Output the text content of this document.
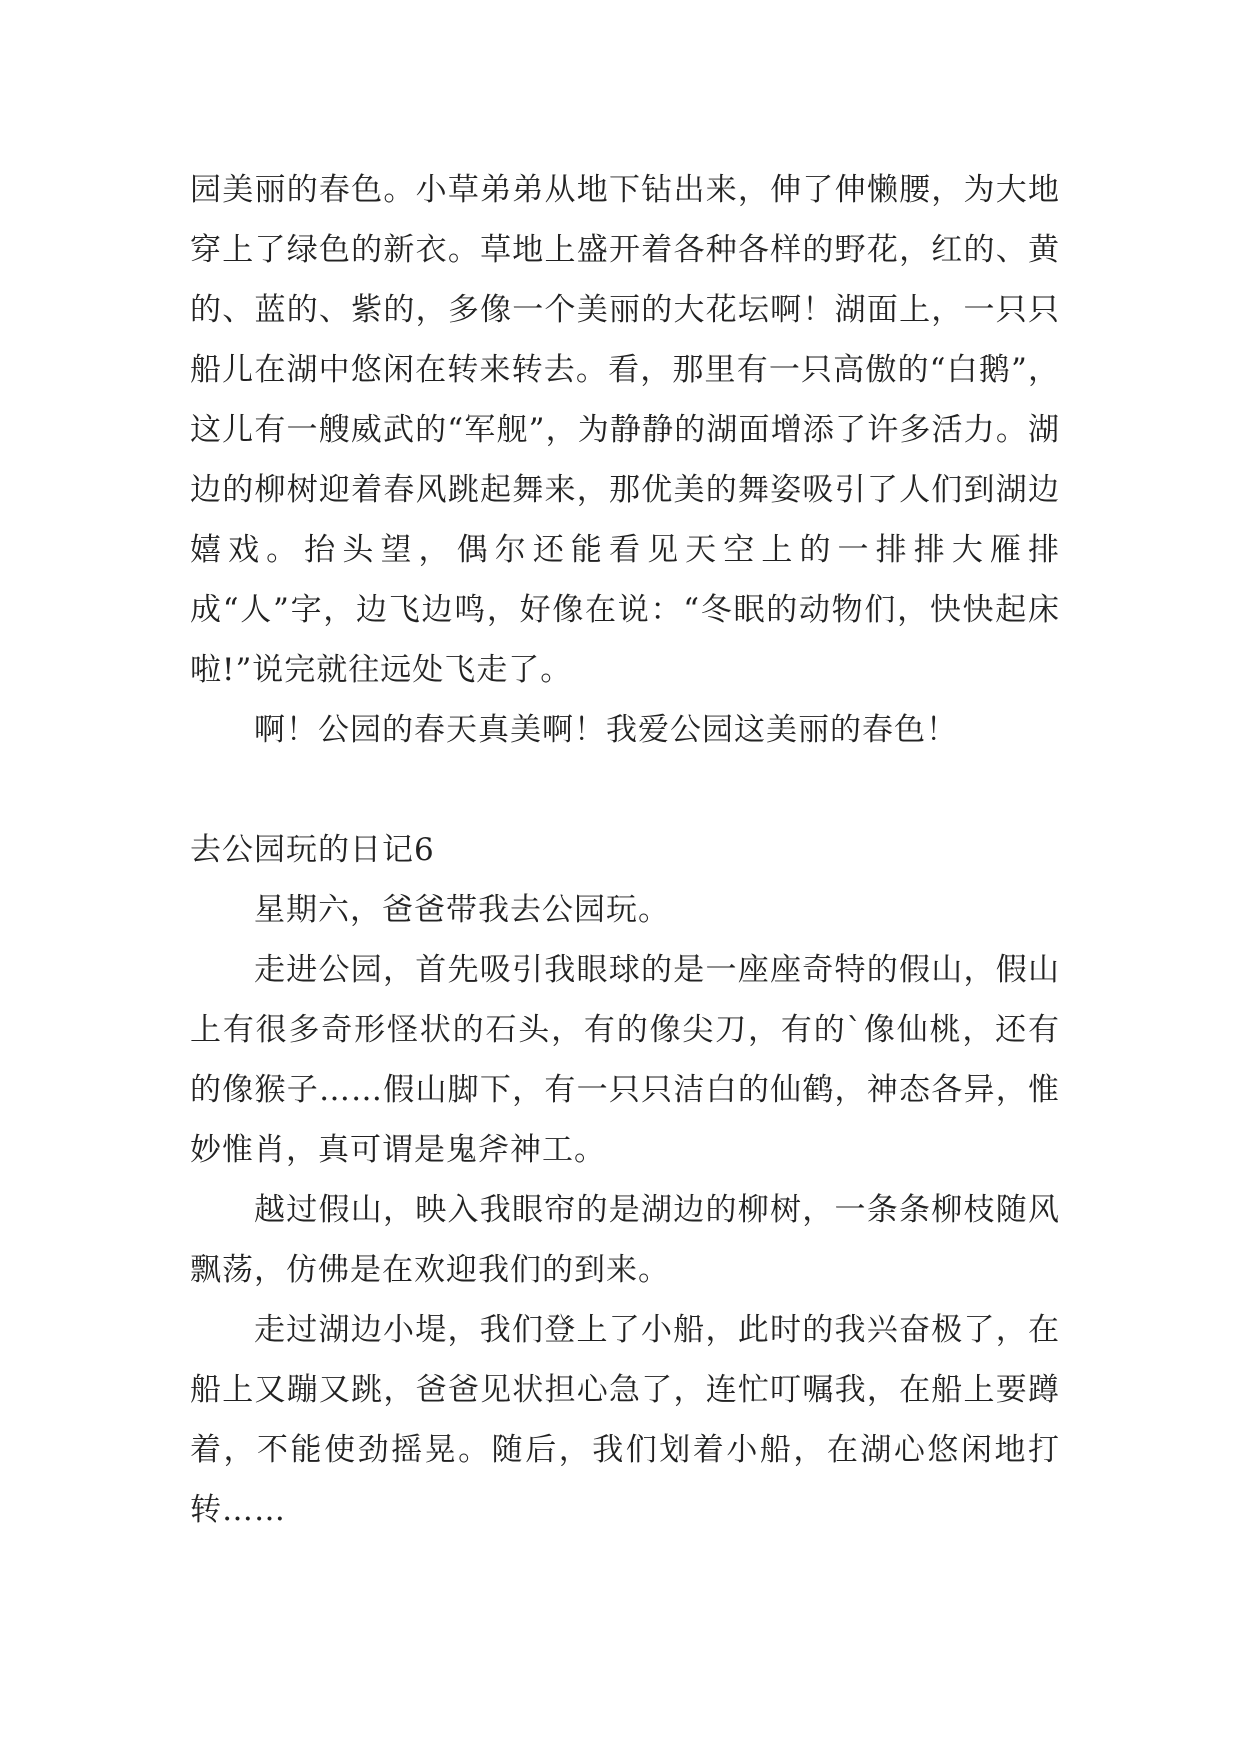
园美丽的春色。小草弟弟从地下钻出来，伸了伸懒腰，为大地穿上了绿色的新衣。草地上盛开着各种各样的野花，红的、黄的、蓝的、紫的，多像一个美丽的大花坛啊！湖面上，一只只船儿在湖中悠闲在转来转去。看，那里有一只高傲的“白鹅”，这儿有一艘威武的“军舰”，为静静的湖面增添了许多活力。湖边的柳树迎着春风跳起舞来，那优美的舞姿吸引了人们到湖边嬉戏。抬头望，偶尔还能看见天空上的一排排大雁排成“人”字，边飞边鸣，好像在说：“冬眠的动物们，快快起床啦!”说完就往远处飞走了。

啊！公园的春天真美啊！我爱公园这美丽的春色！

去公园玩的日记6

星期六，爸爸带我去公园玩。

走进公园，首先吸引我眼球的是一座座奇特的假山，假山上有很多奇形怪状的石头，有的像尖刀，有的`像仙桃，还有的像猴子……假山脚下，有一只只洁白的仙鹤，神态各异，惟妙惟肖，真可谓是鬼斧神工。

越过假山，映入我眼帘的是湖边的柳树，一条条柳枝随风飘荡，仿佛是在欢迎我们的到来。

走过湖边小堤，我们登上了小船，此时的我兴奋极了，在船上又蹦又跳，爸爸见状担心急了，连忙叮嘱我，在船上要蹲着，不能使劲摇晃。随后，我们划着小船，在湖心悠闲地打转……
